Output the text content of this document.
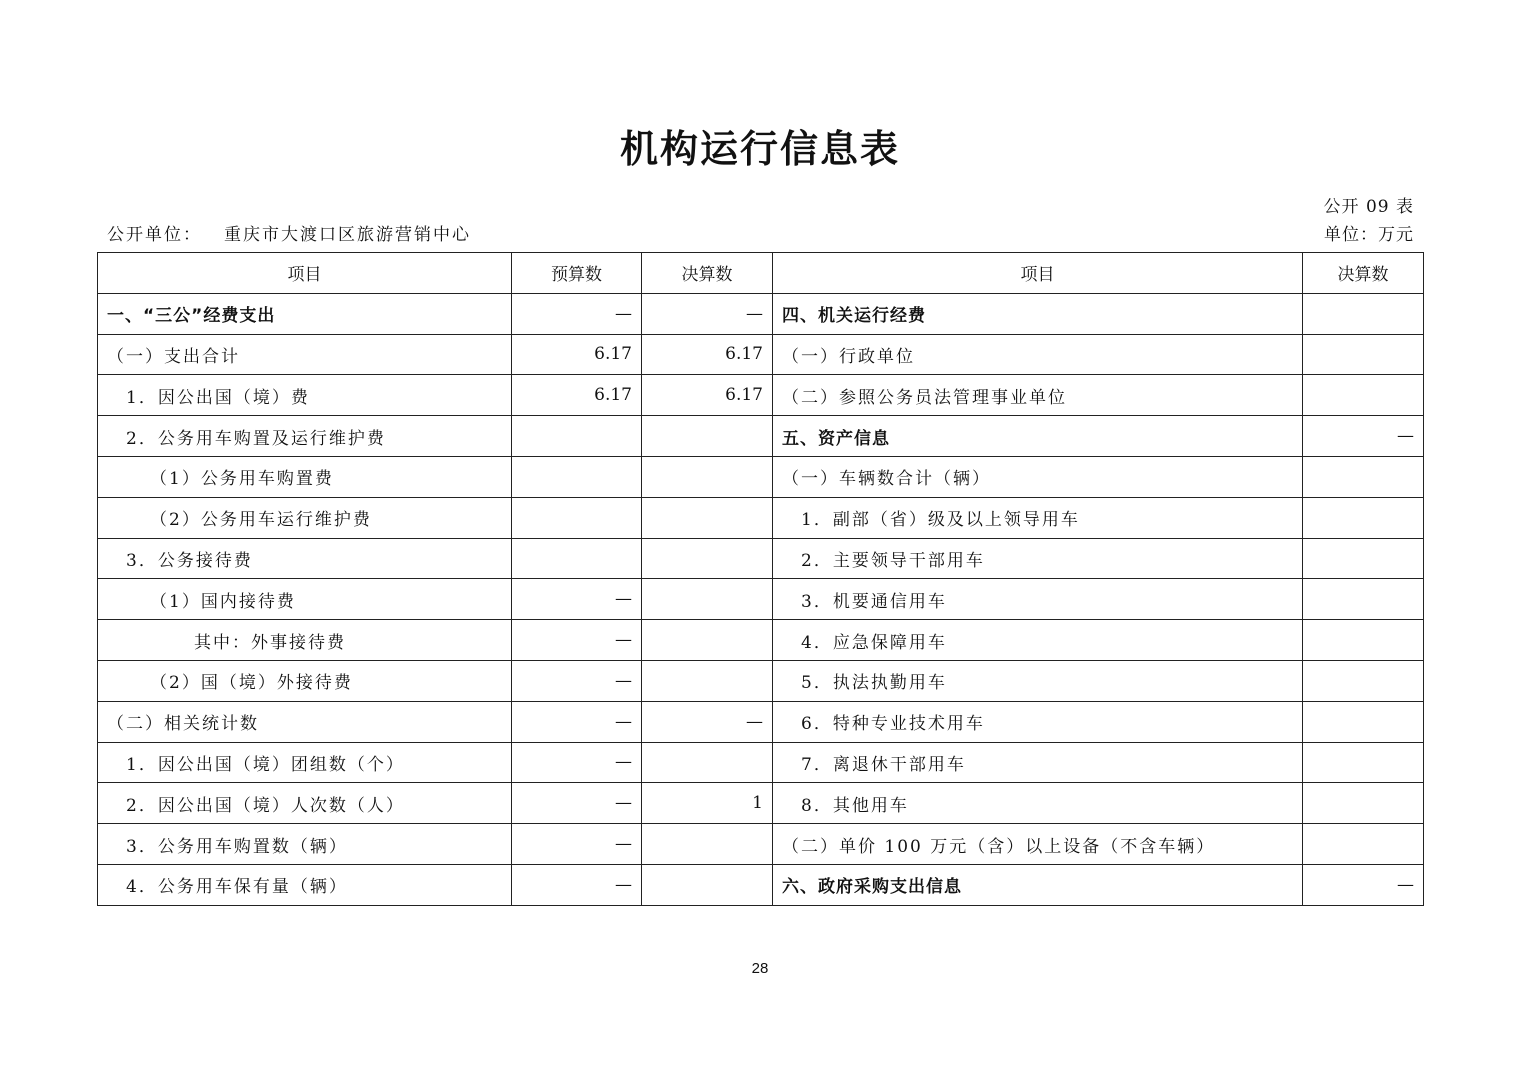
机构运行信息表
公开 09 表
公开单位： 重庆市大渡口区旅游营销中心	单位：万元
项目	预算数	决算数	项目	决算数
一、“三公”经费支出	—	—	四、机关运行经费	
（一）支出合计	6.17	6.17	（一）行政单位	
1．因公出国（境）费	6.17	6.17	（二）参照公务员法管理事业单位	
2．公务用车购置及运行维护费			五、资产信息	—
（1）公务用车购置费			（一）车辆数合计（辆）	
（2）公务用车运行维护费			1．副部（省）级及以上领导用车	
3．公务接待费			2．主要领导干部用车	
（1）国内接待费	—		3．机要通信用车	
其中：外事接待费	—		4．应急保障用车	
（2）国（境）外接待费	—		5．执法执勤用车	
（二）相关统计数	—	—	6．特种专业技术用车	
1．因公出国（境）团组数（个）	—		7．离退休干部用车	
2．因公出国（境）人次数（人）	—	1	8．其他用车	
3．公务用车购置数（辆）	—		（二）单价 100 万元（含）以上设备（不含车辆）	
4．公务用车保有量（辆）	—		六、政府采购支出信息	—
28
